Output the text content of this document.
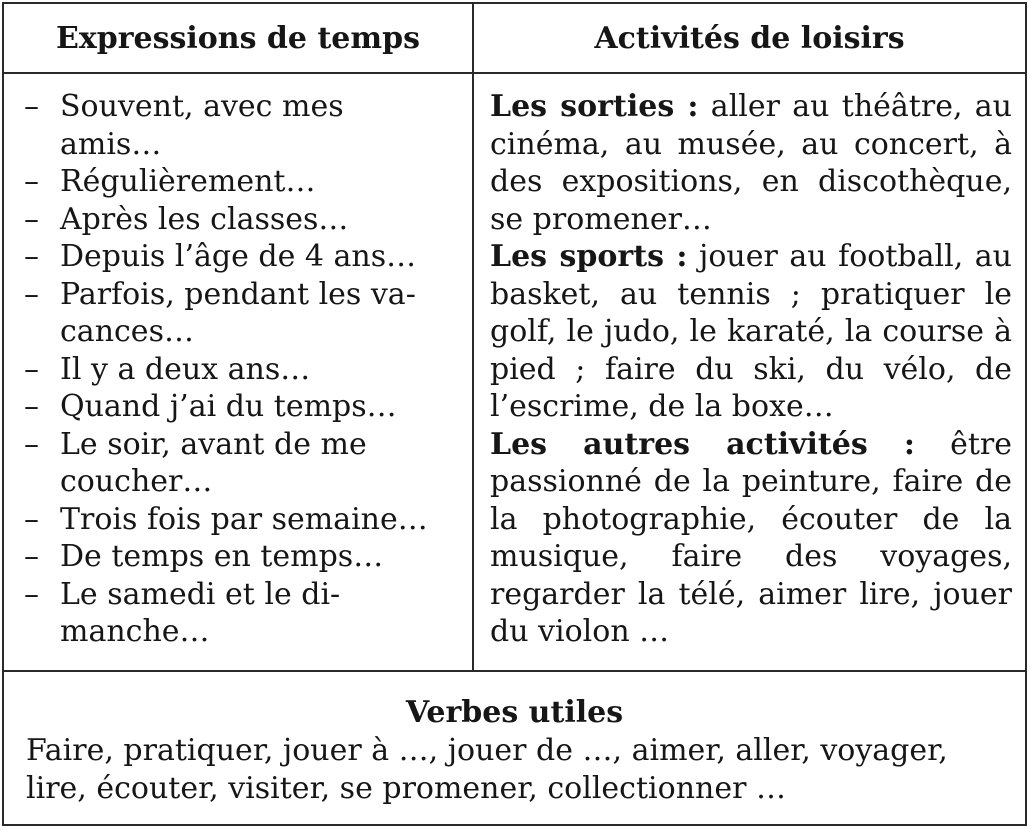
Expressions de temps	Activités de loisirs
– Souvent, avec mes
amis…
– Régulièrement…
– Après les classes…
– Depuis l’âge de 4 ans…
– Parfois, pendant les va-
cances…
– Il y a deux ans…
– Quand j’ai du temps…
– Le soir, avant de me
coucher…
– Trois fois par semaine…
– De temps en temps…
– Le samedi et le di-
manche…

Les sorties : aller au théâtre, au cinéma, au musée, au concert, à des expositions, en discothèque, se promener…

Les sports : jouer au football, au basket, au tennis ; pratiquer le golf, le judo, le karaté, la course à pied ; faire du ski, du vélo, de l’escrime, de la boxe…

Les autres activités : être passionné de la peinture, faire de la photographie, écouter de la musique, faire des voyages, regarder la télé, aimer lire, jouer du violon …

Verbes utiles
Faire, pratiquer, jouer à …, jouer de …, aimer, aller, voyager,
lire, écouter, visiter, se promener, collectionner …
